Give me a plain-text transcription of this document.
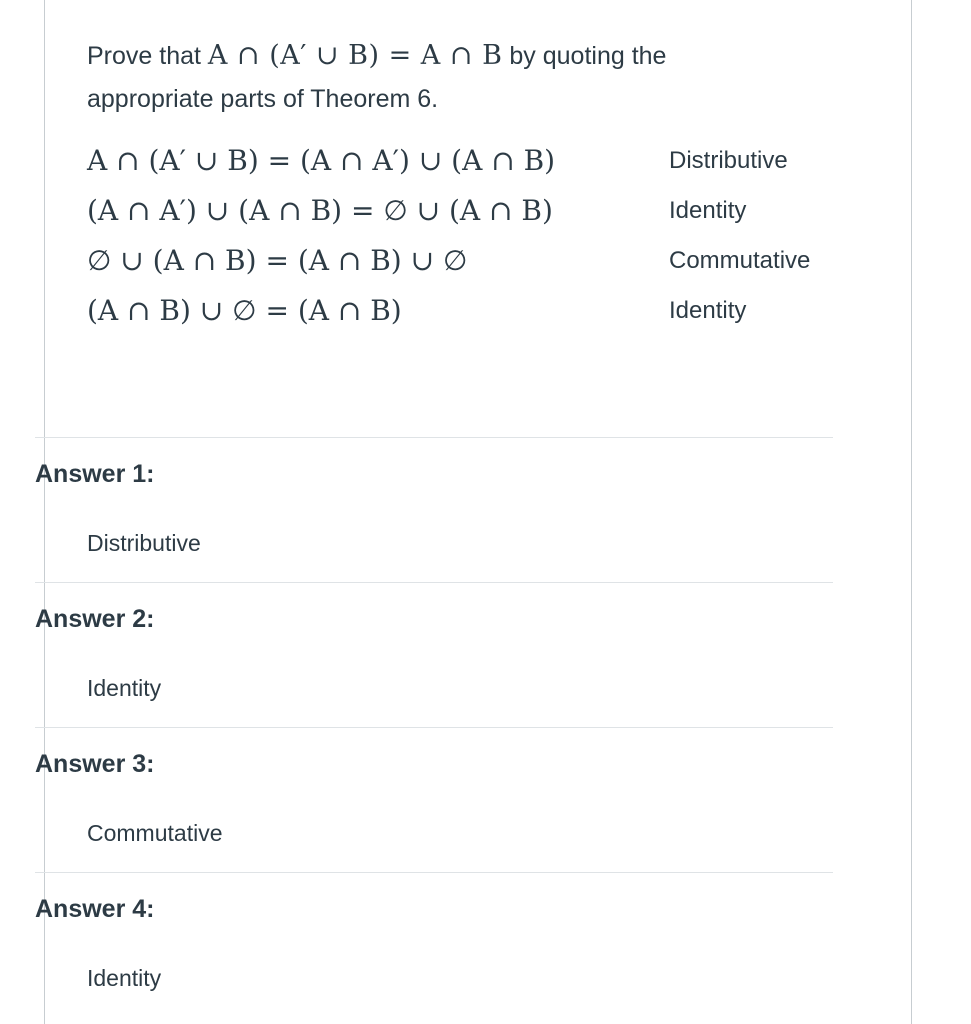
Prove that A ∩ (A′ ∪ B) = A ∩ B by quoting the
appropriate parts of Theorem 6.
A ∩ (A′ ∪ B) = (A ∩ A′) ∪ (A ∩ B)	Distributive
(A ∩ A′) ∪ (A ∩ B) = ∅ ∪ (A ∩ B)	Identity
∅ ∪ (A ∩ B) = (A ∩ B) ∪ ∅	Commutative
(A ∩ B) ∪ ∅ = (A ∩ B)	Identity
Answer 1:
Distributive
Answer 2:
Identity
Answer 3:
Commutative
Answer 4:
Identity
